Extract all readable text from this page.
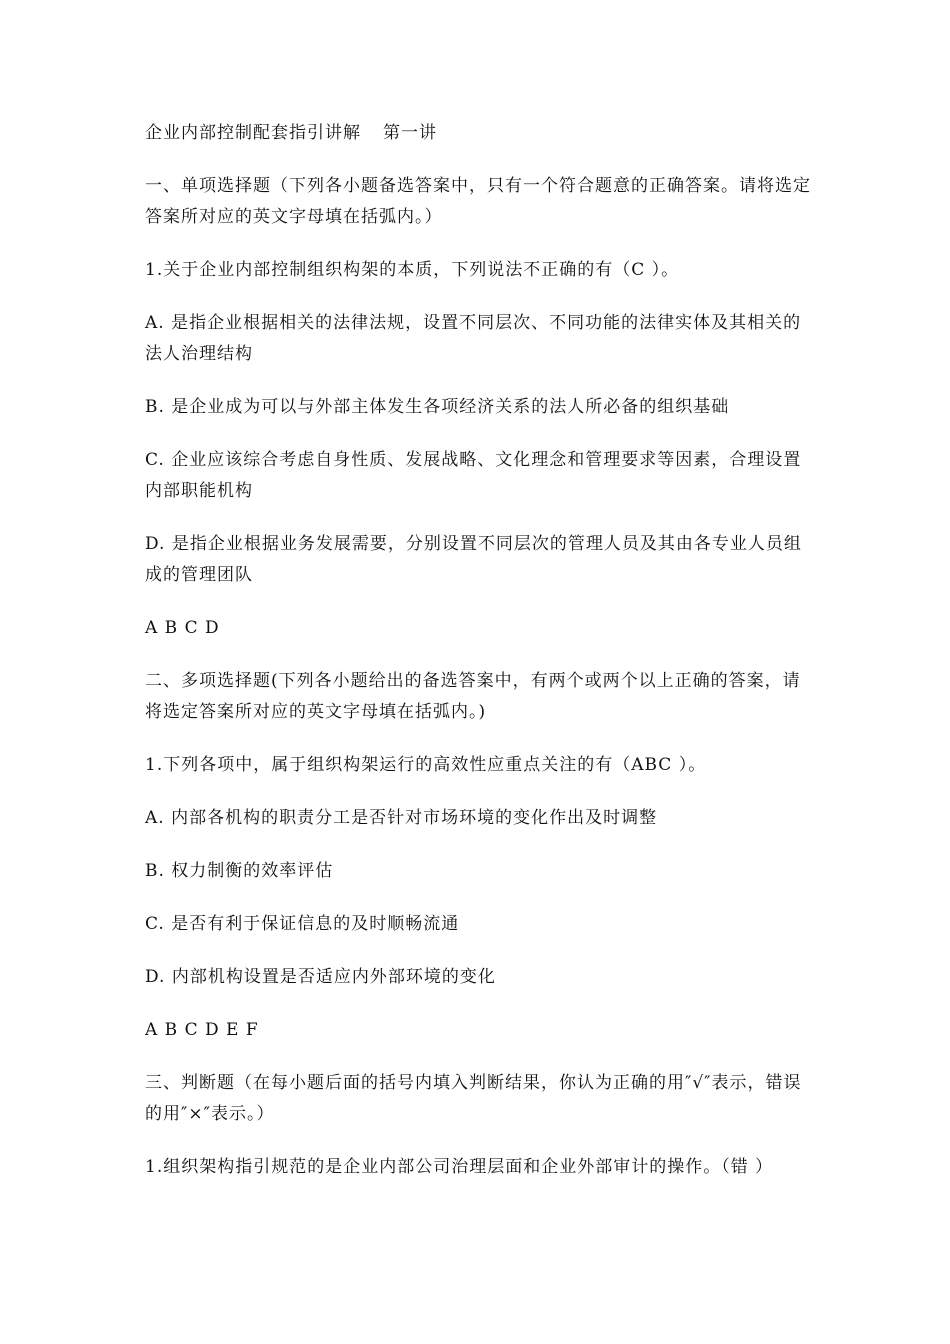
企业内部控制配套指引讲解 第一讲
一、单项选择题（下列各小题备选答案中，只有一个符合题意的正确答案。请将选定答案所对应的英文字母填在括弧内。）
1.关于企业内部控制组织构架的本质，下列说法不正确的有（C ）。
A. 是指企业根据相关的法律法规，设置不同层次、不同功能的法律实体及其相关的法人治理结构
B. 是企业成为可以与外部主体发生各项经济关系的法人所必备的组织基础
C. 企业应该综合考虑自身性质、发展战略、文化理念和管理要求等因素，合理设置内部职能机构
D. 是指企业根据业务发展需要，分别设置不同层次的管理人员及其由各专业人员组成的管理团队
A B C D
二、多项选择题(下列各小题给出的备选答案中，有两个或两个以上正确的答案，请将选定答案所对应的英文字母填在括弧内。)
1.下列各项中，属于组织构架运行的高效性应重点关注的有（ABC ）。
A. 内部各机构的职责分工是否针对市场环境的变化作出及时调整
B. 权力制衡的效率评估
C. 是否有利于保证信息的及时顺畅流通
D. 内部机构设置是否适应内外部环境的变化
A B C D E F
三、判断题（在每小题后面的括号内填入判断结果，你认为正确的用″√″表示，错误的用″×″表示。）
1.组织架构指引规范的是企业内部公司治理层面和企业外部审计的操作。（错 ）
